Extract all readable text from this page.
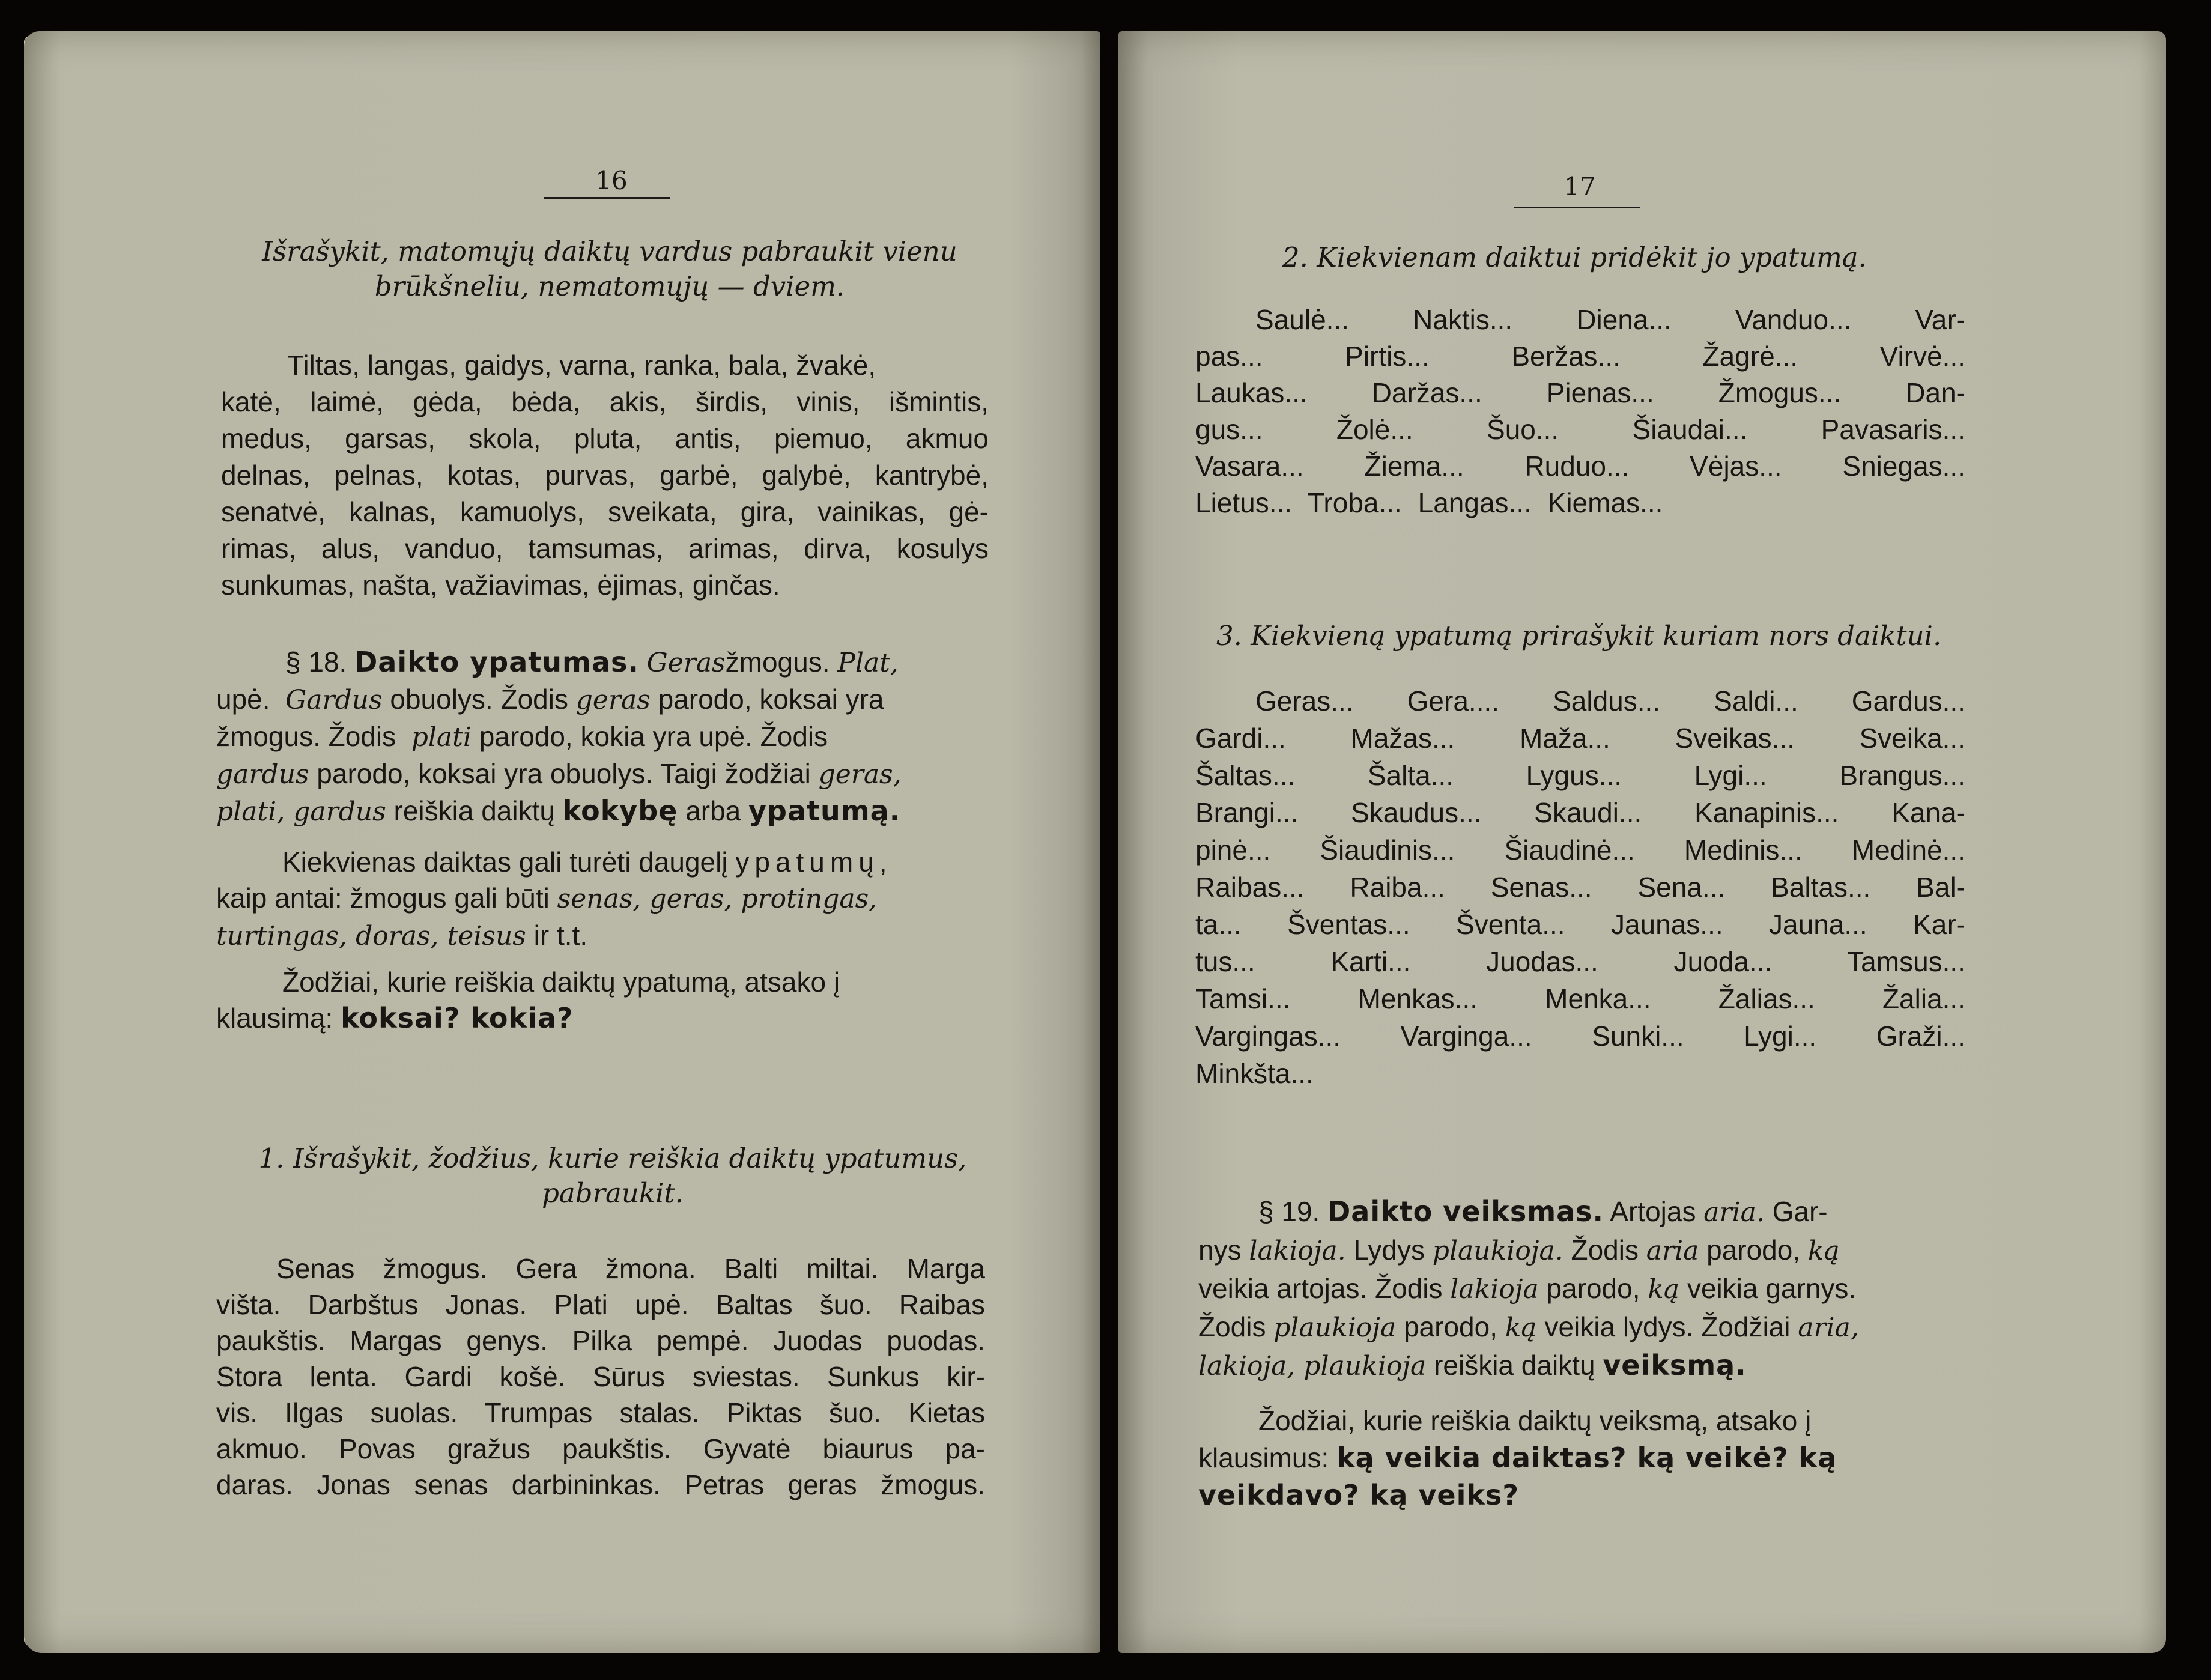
16
Išrašykit, matomųjų daiktų vardus pabraukit vienu
brūkšneliu, nematomųjų — dviem.
Tiltas, langas, gaidys, varna, ranka, bala, žvakė,
katė, laimė, gėda, bėda, akis, širdis, vinis, išmintis,
medus, garsas, skola, pluta, antis, piemuo, akmuo
delnas, pelnas, kotas, purvas, garbė, galybė, kantrybė,
senatvė, kalnas, kamuolys, sveikata, gira, vainikas, gė-
rimas, alus, vanduo, tamsumas, arimas, dirva, kosulys
sunkumas, našta, važiavimas, ėjimas, ginčas.
§ 18. Daikto ypatumas. Gerasžmogus. Plat,
upė. Gardus obuolys. Žodis geras parodo, koksai yra
žmogus. Žodis plati parodo, kokia yra upė. Žodis
gardus parodo, koksai yra obuolys. Taigi žodžiai geras,
plati, gardus reiškia daiktų kokybę arba ypatumą.
Kiekvienas daiktas gali turėti daugelį ypatumų,
kaip antai: žmogus gali būti senas, geras, protingas,
turtingas, doras, teisus ir t.t.
Žodžiai, kurie reiškia daiktų ypatumą, atsako į
klausimą: koksai? kokia?
1. Išrašykit, žodžius, kurie reiškia daiktų ypatumus,
pabraukit.
Senas žmogus. Gera žmona. Balti miltai. Marga
višta. Darbštus Jonas. Plati upė. Baltas šuo. Raibas
paukštis. Margas genys. Pilka pempė. Juodas puodas.
Stora lenta. Gardi košė. Sūrus sviestas. Sunkus kir-
vis. Ilgas suolas. Trumpas stalas. Piktas šuo. Kietas
akmuo. Povas gražus paukštis. Gyvatė biaurus pa-
daras. Jonas senas darbininkas. Petras geras žmogus.
17
2. Kiekvienam daiktui pridėkit jo ypatumą.
Saulė... Naktis... Diena... Vanduo... Var-
pas... Pirtis... Beržas... Žagrė... Virvė...
Laukas... Daržas... Pienas... Žmogus... Dan-
gus... Žolė... Šuo... Šiaudai... Pavasaris...
Vasara... Žiema... Ruduo... Vėjas... Sniegas...
Lietus... Troba... Langas... Kiemas...
3. Kiekvieną ypatumą prirašykit kuriam nors daiktui.
Geras... Gera.... Saldus... Saldi... Gardus...
Gardi... Mažas... Maža... Sveikas... Sveika...
Šaltas... Šalta... Lygus... Lygi... Brangus...
Brangi... Skaudus... Skaudi... Kanapinis... Kana-
pinė... Šiaudinis... Šiaudinė... Medinis... Medinė...
Raibas... Raiba... Senas... Sena... Baltas... Bal-
ta... Šventas... Šventa... Jaunas... Jauna... Kar-
tus... Karti... Juodas... Juoda... Tamsus...
Tamsi... Menkas... Menka... Žalias... Žalia...
Vargingas... Varginga... Sunki... Lygi... Graži...
Minkšta...
§ 19. Daikto veiksmas. Artojas aria. Gar-
nys lakioja. Lydys plaukioja. Žodis aria parodo, ką
veikia artojas. Žodis lakioja parodo, ką veikia garnys.
Žodis plaukioja parodo, ką veikia lydys. Žodžiai aria,
lakioja, plaukioja reiškia daiktų veiksmą.
Žodžiai, kurie reiškia daiktų veiksmą, atsako į
klausimus: ką veikia daiktas? ką veikė? ką
veikdavo? ką veiks?
